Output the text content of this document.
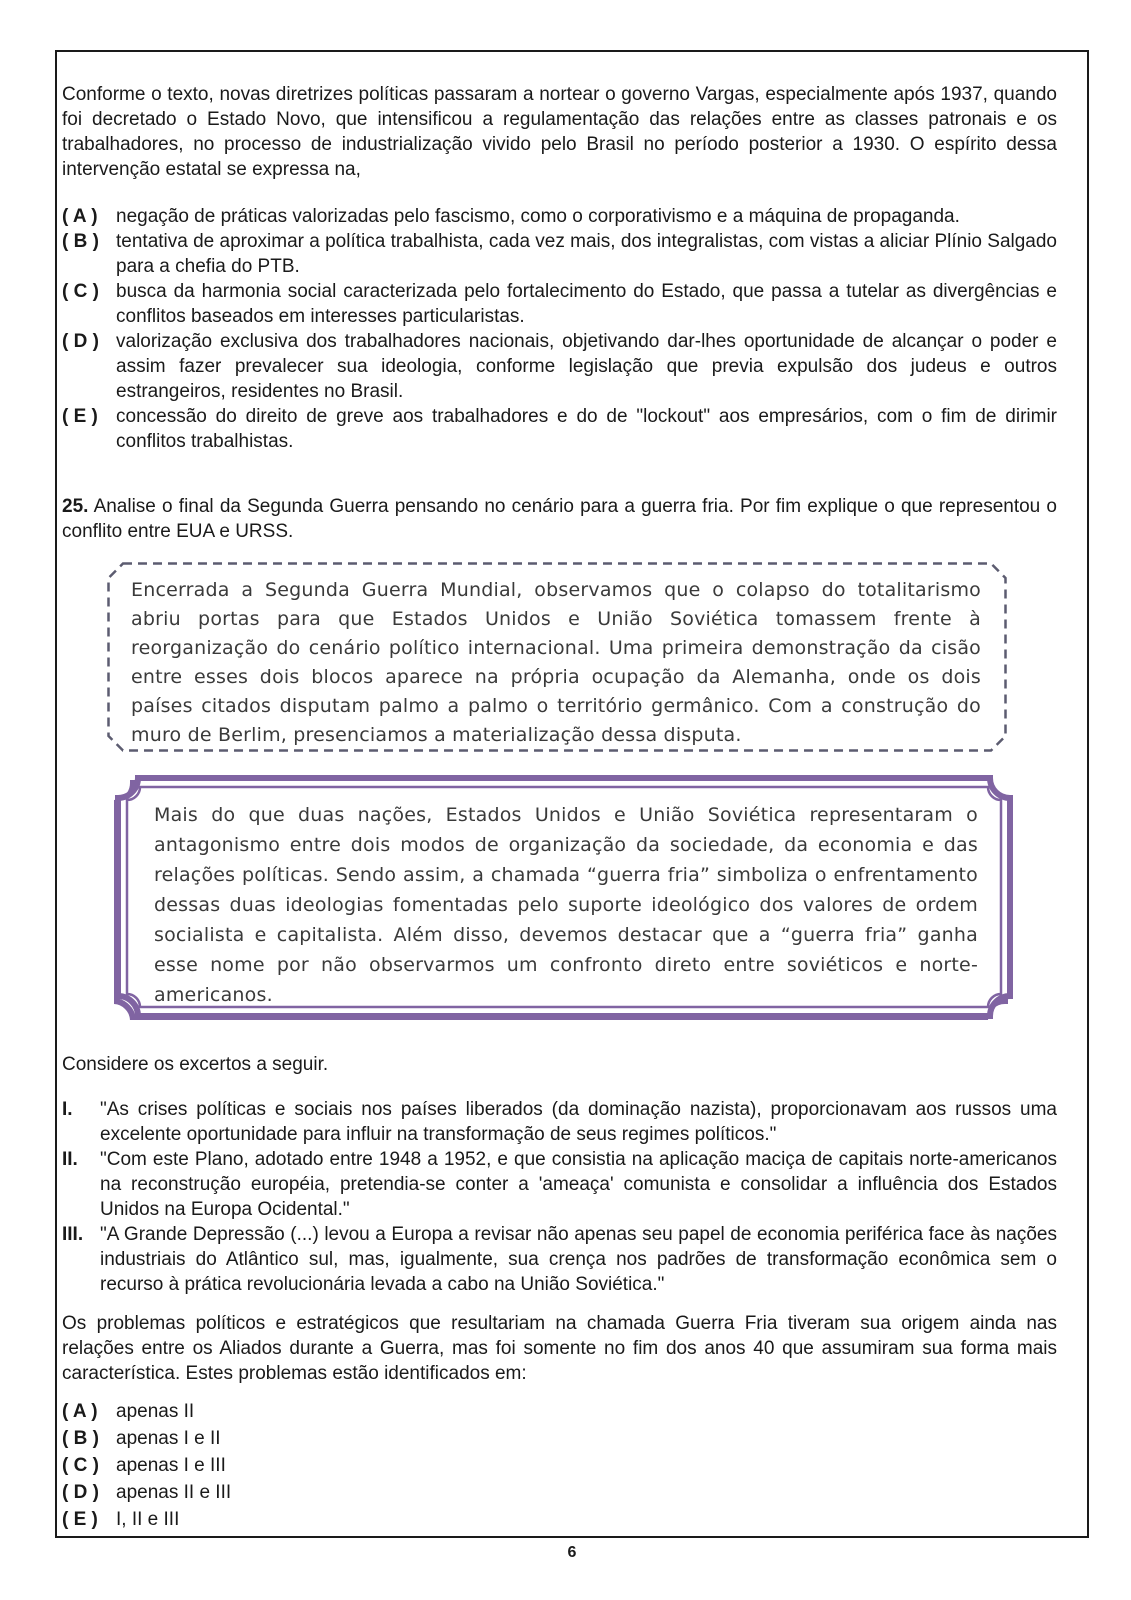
Conforme o texto, novas diretrizes políticas passaram a nortear o governo Vargas, especialmente após 1937, quando foi decretado o Estado Novo, que intensificou a regulamentação das relações entre as classes patronais e os trabalhadores, no processo de industrialização vivido pelo Brasil no período posterior a 1930. O espírito dessa intervenção estatal se expressa na,

( A ) negação de práticas valorizadas pelo fascismo, como o corporativismo e a máquina de propaganda.
( B ) tentativa de aproximar a política trabalhista, cada vez mais, dos integralistas, com vistas a aliciar Plínio Salgado para a chefia do PTB.
( C ) busca da harmonia social caracterizada pelo fortalecimento do Estado, que passa a tutelar as divergências e conflitos baseados em interesses particularistas.
( D ) valorização exclusiva dos trabalhadores nacionais, objetivando dar-lhes oportunidade de alcançar o poder e assim fazer prevalecer sua ideologia, conforme legislação que previa expulsão dos judeus e outros estrangeiros, residentes no Brasil.
( E ) concessão do direito de greve aos trabalhadores e do de "lockout" aos empresários, com o fim de dirimir conflitos trabalhistas.

25. Analise o final da Segunda Guerra pensando no cenário para a guerra fria. Por fim explique o que representou o conflito entre EUA e URSS.

Encerrada a Segunda Guerra Mundial, observamos que o colapso do totalitarismo abriu portas para que Estados Unidos e União Soviética tomassem frente à reorganização do cenário político internacional. Uma primeira demonstração da cisão entre esses dois blocos aparece na própria ocupação da Alemanha, onde os dois países citados disputam palmo a palmo o território germânico. Com a construção do muro de Berlim, presenciamos a materialização dessa disputa.

Mais do que duas nações, Estados Unidos e União Soviética representaram o antagonismo entre dois modos de organização da sociedade, da economia e das relações políticas. Sendo assim, a chamada “guerra fria” simboliza o enfrentamento dessas duas ideologias fomentadas pelo suporte ideológico dos valores de ordem socialista e capitalista. Além disso, devemos destacar que a “guerra fria” ganha esse nome por não observarmos um confronto direto entre soviéticos e norte-americanos.

Considere os excertos a seguir.

I.	"As crises políticas e sociais nos países liberados (da dominação nazista), proporcionavam aos russos uma excelente oportunidade para influir na transformação de seus regimes políticos."
II.	"Com este Plano, adotado entre 1948 a 1952, e que consistia na aplicação maciça de capitais norte-americanos na reconstrução européia, pretendia-se conter a 'ameaça' comunista e consolidar a influência dos Estados Unidos na Europa Ocidental."
III. "A Grande Depressão (...) levou a Europa a revisar não apenas seu papel de economia periférica face às nações industriais do Atlântico sul, mas, igualmente, sua crença nos padrões de transformação econômica sem o recurso à prática revolucionária levada a cabo na União Soviética."

Os problemas políticos e estratégicos que resultariam na chamada Guerra Fria tiveram sua origem ainda nas relações entre os Aliados durante a Guerra, mas foi somente no fim dos anos 40 que assumiram sua forma mais característica. Estes problemas estão identificados em:

( A ) apenas II
( B ) apenas I e II
( C ) apenas I e III
( D ) apenas II e III
( E ) I, II e III
6
